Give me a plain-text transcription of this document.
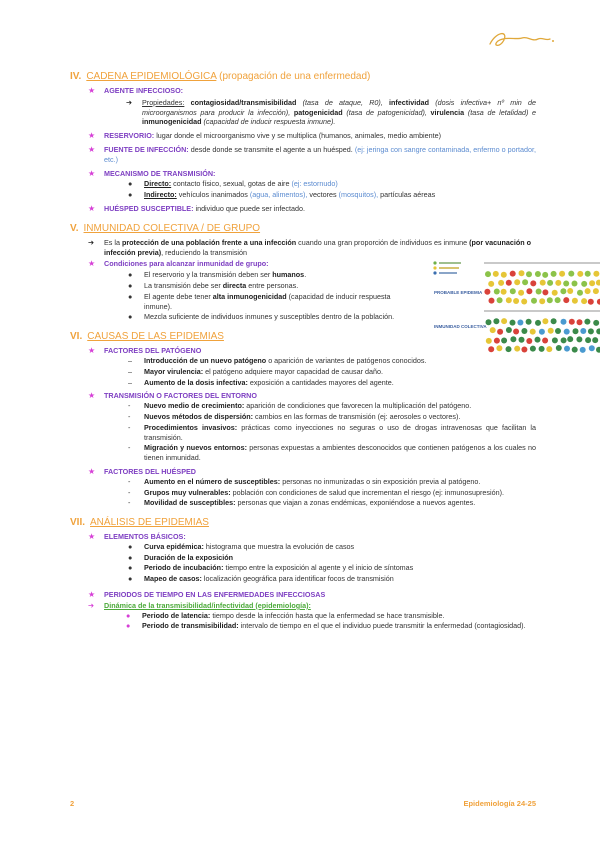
IV. CADENA EPIDEMIOLÓGICA (propagación de una enfermedad)
★ AGENTE INFECCIOSO:
➔ Propiedades: contagiosidad/transmisibilidad (tasa de ataque, R0), infectividad (dosis infectiva+ nº min de microorganismos para producir la infección), patogenicidad (tasa de patogenicidad), virulencia (tasa de letalidad) e inmunogenicidad (capacidad de inducir respuesta inmune).
★ RESERVORIO: lugar donde el microorganismo vive y se multiplica (humanos, animales, medio ambiente)
★ FUENTE DE INFECCIÓN: desde donde se transmite el agente a un huésped. (ej: jeringa con sangre contaminada, enfermo o portador, etc.)
★ MECANISMO DE TRANSMISIÓN:
● Directo: contacto físico, sexual, gotas de aire (ej: estornudo)
● Indirecto: vehículos inanimados (agua, alimentos), vectores (mosquitos), partículas aéreas
★ HUÉSPED SUSCEPTIBLE: individuo que puede ser infectado.
V. INMUNIDAD COLECTIVA / DE GRUPO
➔ Es la protección de una población frente a una infección cuando una gran proporción de individuos es inmune (por vacunación o infección previa), reduciendo la transmisión
★ Condiciones para alcanzar inmunidad de grupo:
● El reservorio y la transmisión deben ser humanos.
● La transmisión debe ser directa entre personas.
● El agente debe tener alta inmunogenicidad (capacidad de inducir respuesta inmune).
● Mezcla suficiente de individuos inmunes y susceptibles dentro de la población.
PROBABLE EPIDEMIA
INMUNIDAD COLECTIVA
VI. CAUSAS DE LAS EPIDEMIAS
★ FACTORES DEL PATÓGENO
– Introducción de un nuevo patógeno o aparición de variantes de patógenos conocidos.
– Mayor virulencia: el patógeno adquiere mayor capacidad de causar daño.
– Aumento de la dosis infectiva: exposición a cantidades mayores del agente.
★ TRANSMISIÓN O FACTORES DEL ENTORNO
- Nuevo medio de crecimiento: aparición de condiciones que favorecen la multiplicación del patógeno.
- Nuevos métodos de dispersión: cambios en las formas de transmisión (ej: aerosoles o vectores).
- Procedimientos invasivos: prácticas como inyecciones no seguras o uso de drogas intravenosas que facilitan la transmisión.
- Migración y nuevos entornos: personas expuestas a ambientes desconocidos que contienen patógenos a los cuales no tienen inmunidad.
★ FACTORES DEL HUÉSPED
- Aumento en el número de susceptibles: personas no inmunizadas o sin exposición previa al patógeno.
- Grupos muy vulnerables: población con condiciones de salud que incrementan el riesgo (ej: inmunosupresión).
- Movilidad de susceptibles: personas que viajan a zonas endémicas, exponiéndose a nuevos agentes.
VII. ANÁLISIS DE EPIDEMIAS
★ ELEMENTOS BÁSICOS:
● Curva epidémica: histograma que muestra la evolución de casos
● Duración de la exposición
● Periodo de incubación: tiempo entre la exposición al agente y el inicio de síntomas
● Mapeo de casos: localización geográfica para identificar focos de transmisión
★ PERIODOS DE TIEMPO EN LAS ENFERMEDADES INFECCIOSAS
➔ Dinámica de la transmisibilidad/infectividad (epidemiología):
● Periodo de latencia: tiempo desde la infección hasta que la enfermedad se hace transmisible.
● Periodo de transmisibilidad: intervalo de tiempo en el que el individuo puede transmitir la enfermedad (contagiosidad).
2	Epidemiología 24-25
